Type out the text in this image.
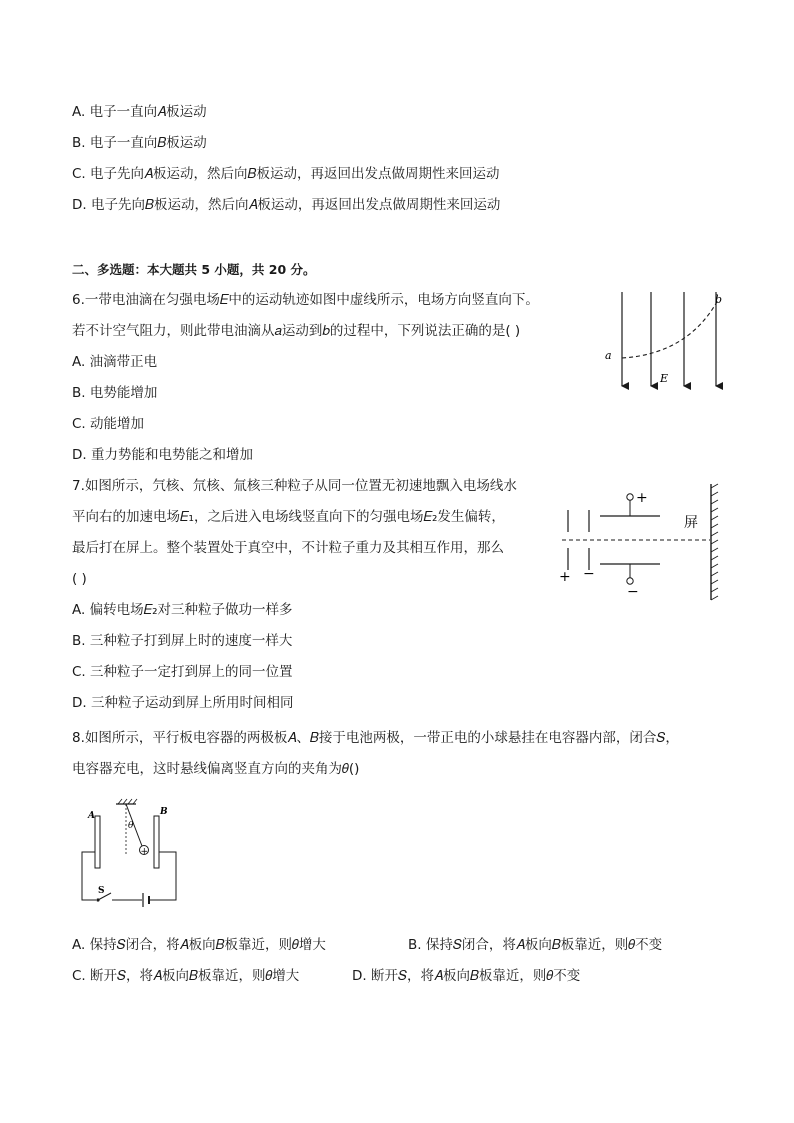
A. 电子一直向𝐴板运动
B. 电子一直向𝐵板运动
C. 电子先向𝐴板运动，然后向𝐵板运动，再返回出发点做周期性来回运动
D. 电子先向𝐵板运动，然后向𝐴板运动，再返回出发点做周期性来回运动
二、多选题：本大题共 5 小题，共 20 分。
6.一带电油滴在匀强电场𝐸中的运动轨迹如图中虚线所示，电场方向竖直向下。
若不计空气阻力，则此带电油滴从𝑎运动到𝑏的过程中，下列说法正确的是( )
A. 油滴带正电
B. 电势能增加
C. 动能增加
D. 重力势能和电势能之和增加
a
b
E
7.如图所示，氕核、氘核、氚核三种粒子从同一位置无初速地飘入电场线水
平向右的加速电场𝐸₁，之后进入电场线竖直向下的匀强电场𝐸₂发生偏转，
最后打在屏上。整个装置处于真空中，不计粒子重力及其相互作用，那么
( )
A. 偏转电场𝐸₂对三种粒子做功一样多
B. 三种粒子打到屏上时的速度一样大
C. 三种粒子一定打到屏上的同一位置
D. 三种粒子运动到屏上所用时间相同
+ −
+
−
屏
8.如图所示，平行板电容器的两极板𝐴、𝐵接于电池两极，一带正电的小球悬挂在电容器内部，闭合𝑆，
电容器充电，这时悬线偏离竖直方向的夹角为𝜃()
+
θ
A	B
S
A. 保持𝑆闭合，将𝐴板向𝐵板靠近，则𝜃增大	B. 保持𝑆闭合，将𝐴板向𝐵板靠近，则𝜃不变
C. 断开𝑆，将𝐴板向𝐵板靠近，则𝜃增大	D. 断开𝑆，将𝐴板向𝐵板靠近，则𝜃不变
